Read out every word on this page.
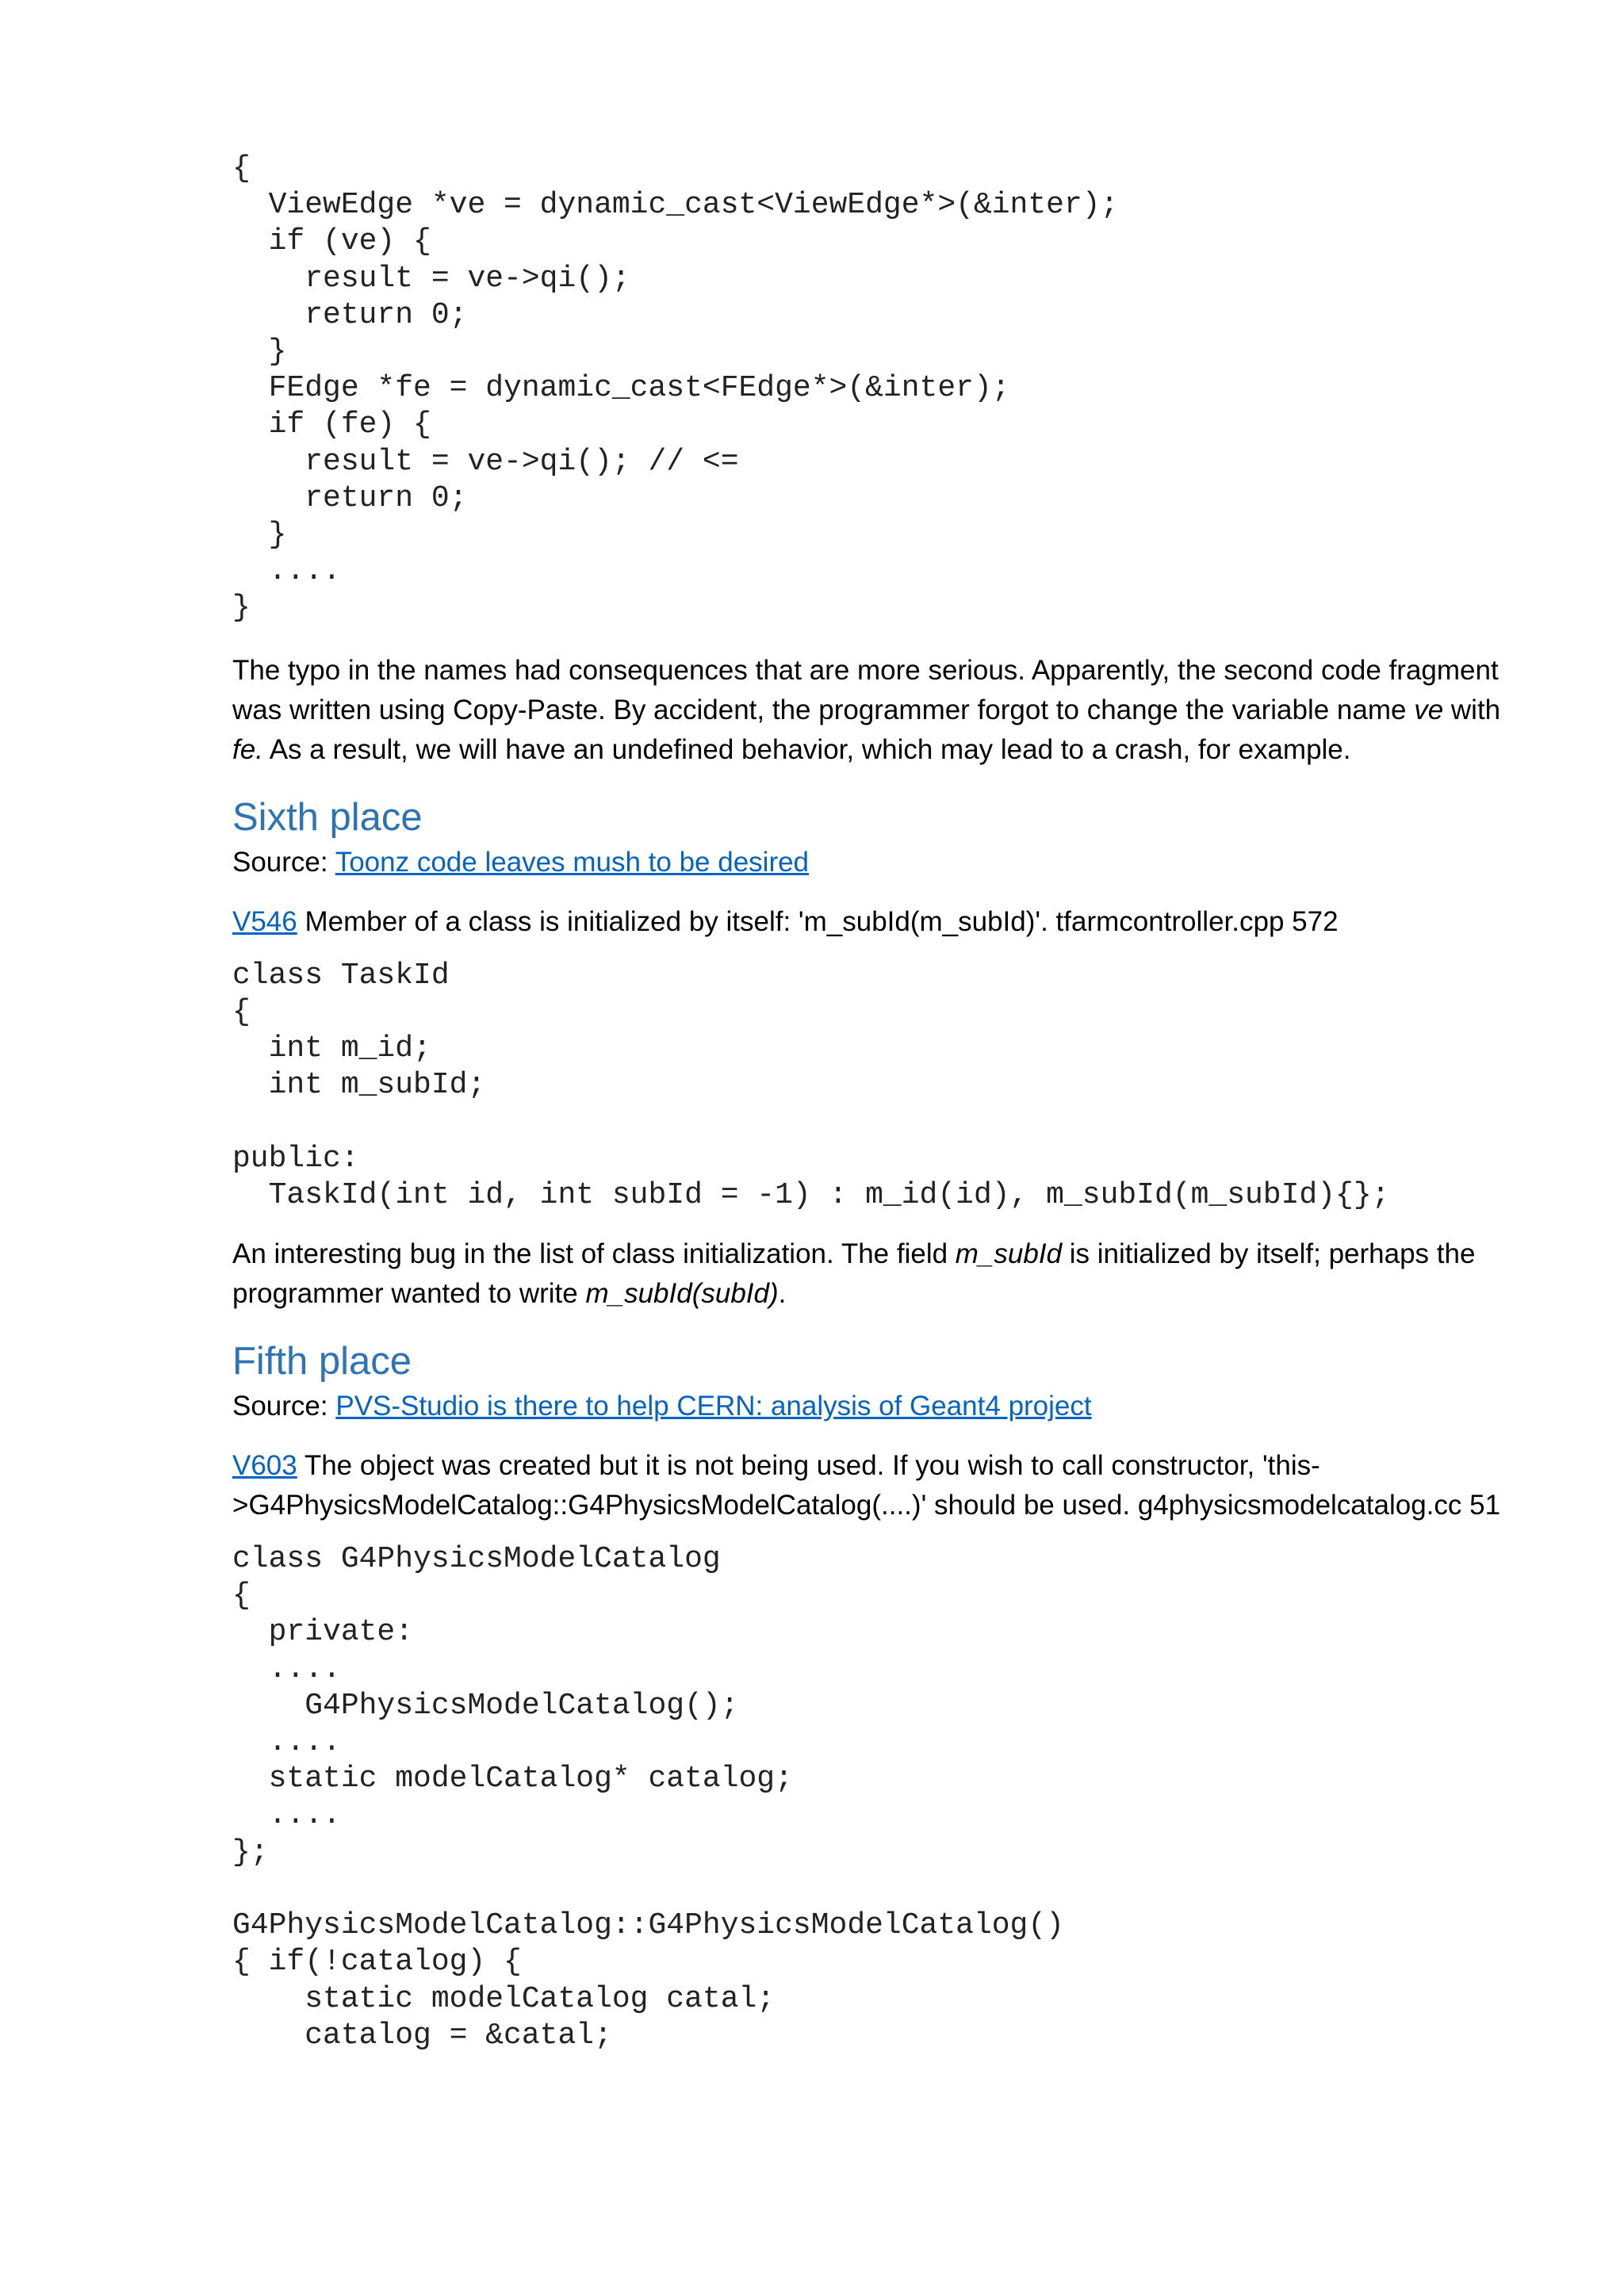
{
ViewEdge *ve = dynamic_cast<ViewEdge*>(&inter);
if (ve) {
result = ve->qi();
return 0;
}
FEdge *fe = dynamic_cast<FEdge*>(&inter);
if (fe) {
result = ve->qi(); // <=
return 0;
}
....
}

The typo in the names had consequences that are more serious. Apparently, the second code fragment was written using Copy-Paste. By accident, the programmer forgot to change the variable name ve with fe. As a result, we will have an undefined behavior, which may lead to a crash, for example.

Sixth place

Source: Toonz code leaves mush to be desired

V546 Member of a class is initialized by itself: 'm_subId(m_subId)'. tfarmcontroller.cpp 572

class TaskId
{
int m_id;
int m_subId;

public:
TaskId(int id, int subId = -1) : m_id(id), m_subId(m_subId){};

An interesting bug in the list of class initialization. The field m_subId is initialized by itself; perhaps the programmer wanted to write m_subId(subId).

Fifth place

Source: PVS-Studio is there to help CERN: analysis of Geant4 project

V603 The object was created but it is not being used. If you wish to call constructor, 'this->G4PhysicsModelCatalog::G4PhysicsModelCatalog(....)' should be used. g4physicsmodelcatalog.cc 51

class G4PhysicsModelCatalog
{
private:
....
G4PhysicsModelCatalog();
....
static modelCatalog* catalog;
....
};

G4PhysicsModelCatalog::G4PhysicsModelCatalog()
{ if(!catalog) {
static modelCatalog catal;
catalog = &catal;
